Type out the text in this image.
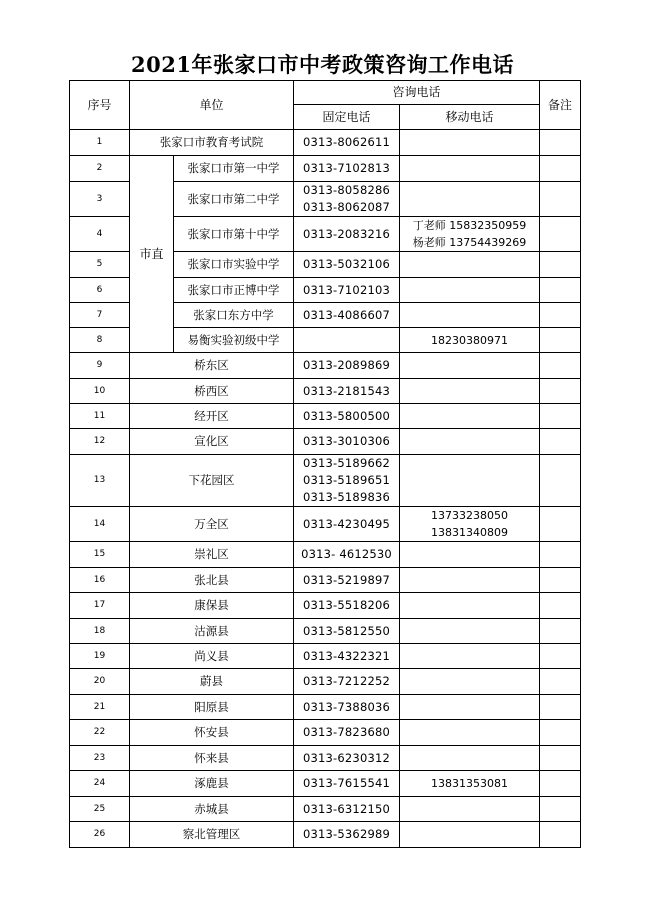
2021年张家口市中考政策咨询工作电话
序号	单位		咨询电话		备注
			固定电话	移动电话	
1	张家口市教育考试院		0313-8062611		

2	市直	张家口市第一中学	0313-7102813		

3		张家口市第二中学	0313-8058286
0313-8062087		

4		张家口市第十中学	0313-2083216	丁老师 15832350959
杨老师 13754439269	

5		张家口市实验中学	0313-5032106		

6		张家口市正博中学	0313-7102103		

7		张家口东方中学	0313-4086607		

8		易衡实验初级中学		18230380971	

9	桥东区		0313-2089869		

10	桥西区		0313-2181543		

11	经开区		0313-5800500		

12	宣化区		0313-3010306		

13	下花园区		0313-5189662
0313-5189651
0313-5189836		

14	万全区		0313-4230495	13733238050
13831340809	

15	崇礼区		0313- 4612530		

16	张北县		0313-5219897		

17	康保县		0313-5518206		

18	沽源县		0313-5812550		

19	尚义县		0313-4322321		

20	蔚县		0313-7212252		

21	阳原县		0313-7388036		

22	怀安县		0313-7823680		

23	怀来县		0313-6230312		

24	涿鹿县		0313-7615541	13831353081	

25	赤城县		0313-6312150		

26	察北管理区		0313-5362989		
